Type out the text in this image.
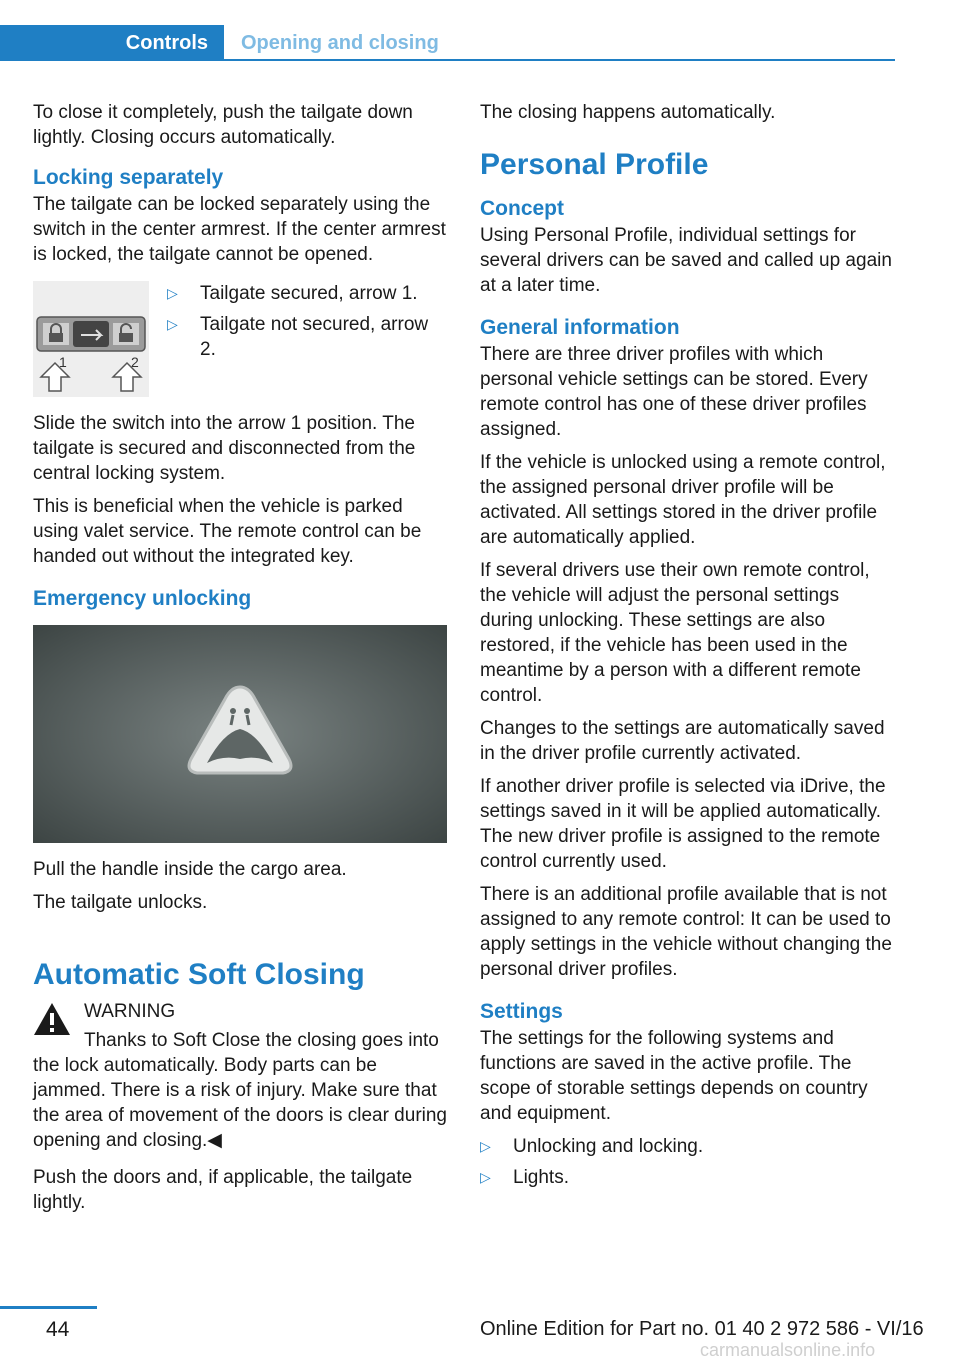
Controls	Opening and closing

To close it completely, push the tailgate down lightly. Closing occurs automatically.

Locking separately

The tailgate can be locked separately using the switch in the center armrest. If the center armrest is locked, the tailgate cannot be opened.

1	2
▷	Tailgate secured, arrow 1.
▷	Tailgate not secured, arrow 2.

Slide the switch into the arrow 1 position. The tailgate is secured and disconnected from the central locking system.

This is beneficial when the vehicle is parked using valet service. The remote control can be handed out without the integrated key.

Emergency unlocking

Pull the handle inside the cargo area.

The tailgate unlocks.

Automatic Soft Closing
WARNING

Thanks to Soft Close the closing goes into the lock automatically. Body parts can be jammed. There is a risk of injury. Make sure that the area of movement of the doors is clear during opening and closing.◀

Push the doors and, if applicable, the tailgate lightly.

The closing happens automatically.

Personal Profile
Concept

Using Personal Profile, individual settings for several drivers can be saved and called up again at a later time.

General information

There are three driver profiles with which personal vehicle settings can be stored. Every remote control has one of these driver profiles assigned.

If the vehicle is unlocked using a remote control, the assigned personal driver profile will be activated. All settings stored in the driver profile are automatically applied.

If several drivers use their own remote control, the vehicle will adjust the personal settings during unlocking. These settings are also restored, if the vehicle has been used in the meantime by a person with a different remote control.

Changes to the settings are automatically saved in the driver profile currently activated.

If another driver profile is selected via iDrive, the settings saved in it will be applied automatically. The new driver profile is assigned to the remote control currently used.

There is an additional profile available that is not assigned to any remote control: It can be used to apply settings in the vehicle without changing the personal driver profiles.

Settings

The settings for the following systems and functions are saved in the active profile. The scope of storable settings depends on country and equipment.

▷	Unlocking and locking.
▷	Lights.
44	Online Edition for Part no. 01 40 2 972 586 - VI/16
carmanualsonline.info
